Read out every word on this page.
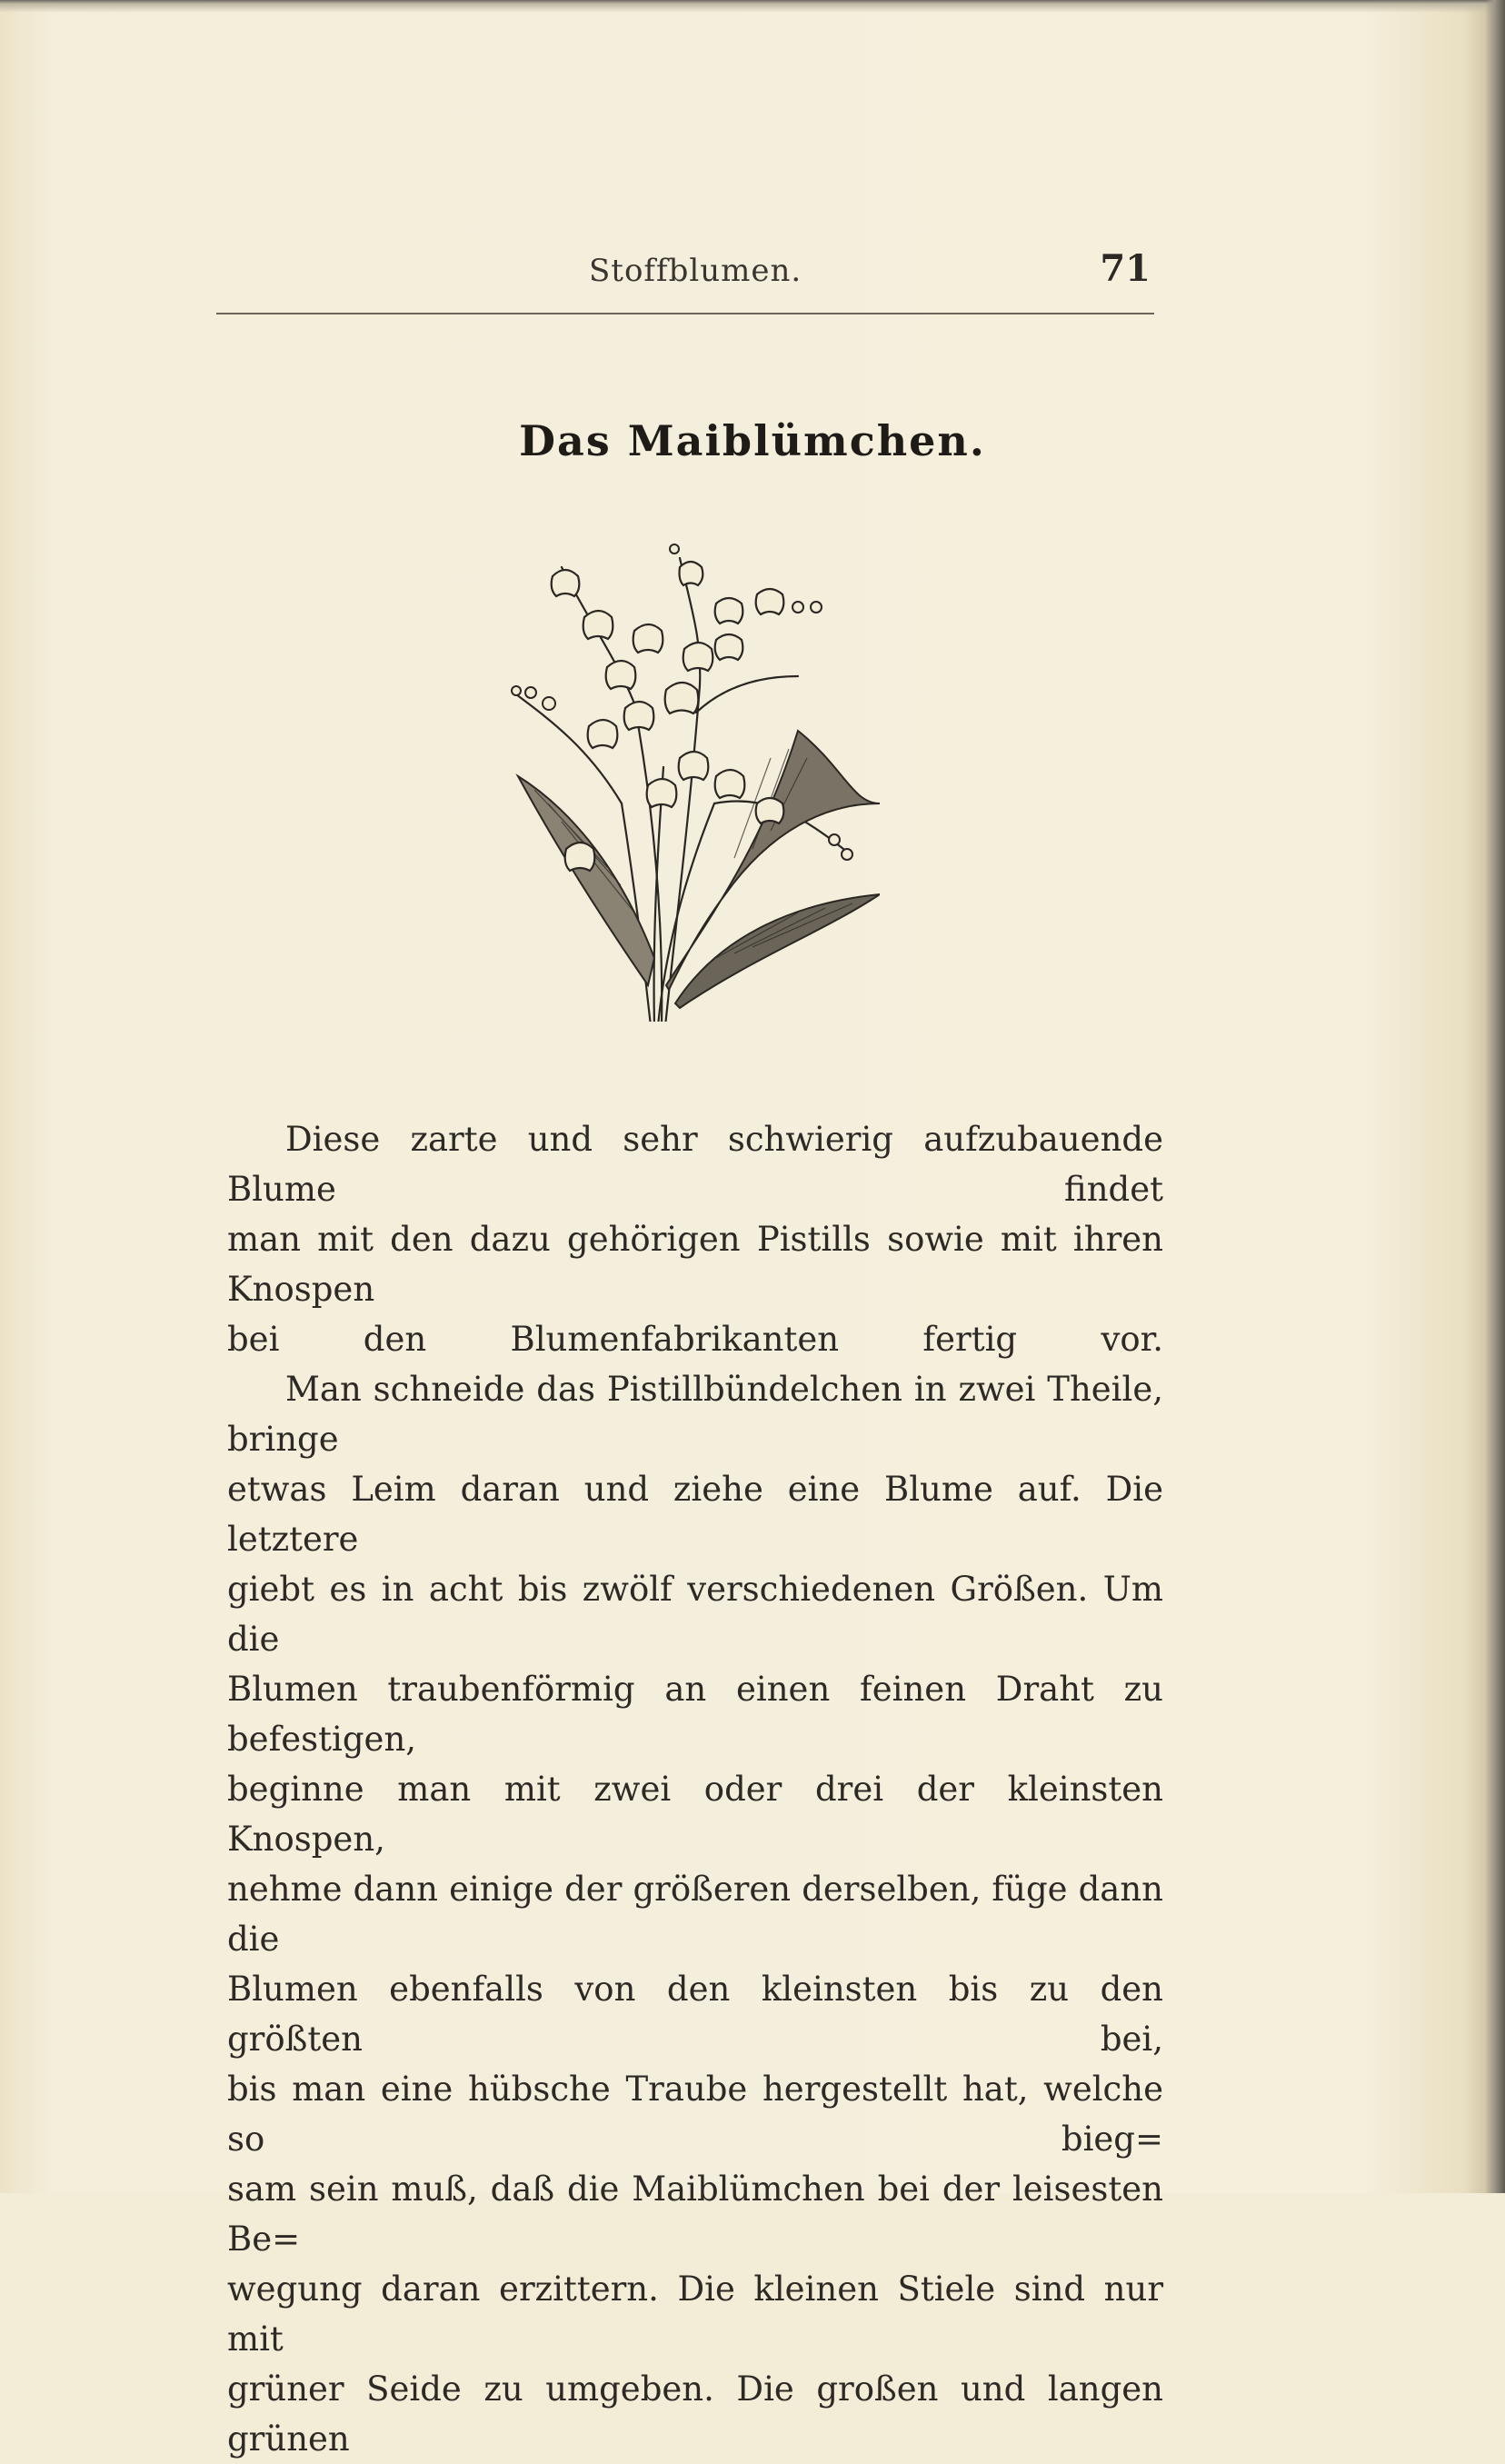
Stoffblumen.	71
Das Maiblümchen.
Diese zarte und sehr schwierig aufzubauende Blume findet
man mit den dazu gehörigen Pistills sowie mit ihren Knospen
bei den Blumenfabrikanten fertig vor.
Man schneide das Pistillbündelchen in zwei Theile, bringe
etwas Leim daran und ziehe eine Blume auf. Die letztere
giebt es in acht bis zwölf verschiedenen Größen. Um die
Blumen traubenförmig an einen feinen Draht zu befestigen,
beginne man mit zwei oder drei der kleinsten Knospen,
nehme dann einige der größeren derselben, füge dann die
Blumen ebenfalls von den kleinsten bis zu den größten bei,
bis man eine hübsche Traube hergestellt hat, welche so bieg=
sam sein muß, daß die Maiblümchen bei der leisesten Be=
wegung daran erzittern. Die kleinen Stiele sind nur mit
grüner Seide zu umgeben. Die großen und langen grünen
